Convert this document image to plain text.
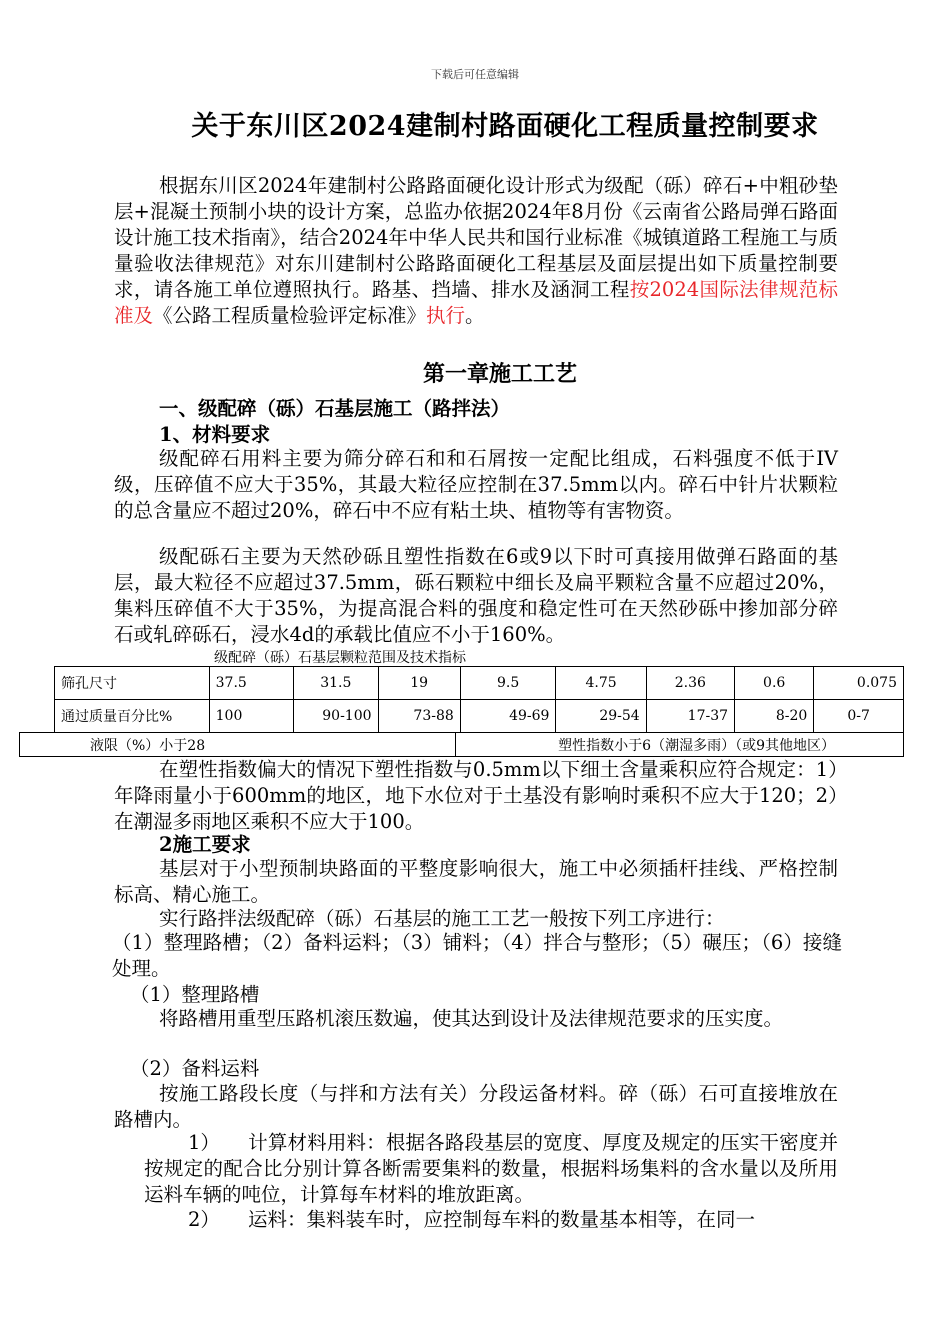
下载后可任意编辑
关于东川区2024建制村路面硬化工程质量控制要求

根据东川区2024年建制村公路路面硬化设计形式为级配（砾）碎石+中粗砂垫层+混凝土预制小块的设计方案，总监办依据2024年8月份《云南省公路局弹石路面设计施工技术指南》，结合2024年中华人民共和国行业标准《城镇道路工程施工与质量验收法律规范》对东川建制村公路路面硬化工程基层及面层提出如下质量控制要求，请各施工单位遵照执行。路基、挡墙、排水及涵洞工程按2024国际法律规范标准及《公路工程质量检验评定标准》执行。

第一章施工工艺

一、级配碎（砾）石基层施工（路拌法）

1、材料要求

级配碎石用料主要为筛分碎石和和石屑按一定配比组成，石料强度不低于IV级，压碎值不应大于35%，其最大粒径应控制在37.5mm以内。碎石中针片状颗粒的总含量应不超过20%，碎石中不应有粘土块、植物等有害物资。

级配砾石主要为天然砂砾且塑性指数在6或9以下时可真接用做弹石路面的基层，最大粒径不应超过37.5mm，砾石颗粒中细长及扁平颗粒含量不应超过20%，集料压碎值不大于35%，为提高混合料的强度和稳定性可在天然砂砾中掺加部分碎石或轧碎砾石，浸水4d的承载比值应不小于160%。

级配碎（砾）石基层颗粒范围及技术指标
筛孔尺寸	37.5	31.5	19	9.5	4.75	2.36	0.6	0.075
通过质量百分比%	100	90-100	73-88	49-69	29-54	17-37	8-20	0-7
液限（%）小于28	塑性指数小于6（潮湿多雨）（或9其他地区）

在塑性指数偏大的情况下塑性指数与0.5mm以下细土含量乘积应符合规定：1）年降雨量小于600mm的地区，地下水位对于土基没有影响时乘积不应大于120；2）在潮湿多雨地区乘积不应大于100。

2施工要求

基层对于小型预制块路面的平整度影响很大，施工中必须插杆挂线、严格控制标高、精心施工。

实行路拌法级配碎（砾）石基层的施工工艺一般按下列工序进行：

（1）整理路槽；（2）备料运料；（3）铺料；（4）拌合与整形；（5）碾压；（6）接缝处理。

（1）整理路槽

将路槽用重型压路机滚压数遍，使其达到设计及法律规范要求的压实度。

（2）备料运料

按施工路段长度（与拌和方法有关）分段运备材料。碎（砾）石可直接堆放在路槽内。

1） 计算材料用料：根据各路段基层的宽度、厚度及规定的压实干密度并按规定的配合比分别计算各断需要集料的数量，根据料场集料的含水量以及所用运料车辆的吨位，计算每车材料的堆放距离。

2） 运料：集料装车时，应控制每车料的数量基本相等，在同一
